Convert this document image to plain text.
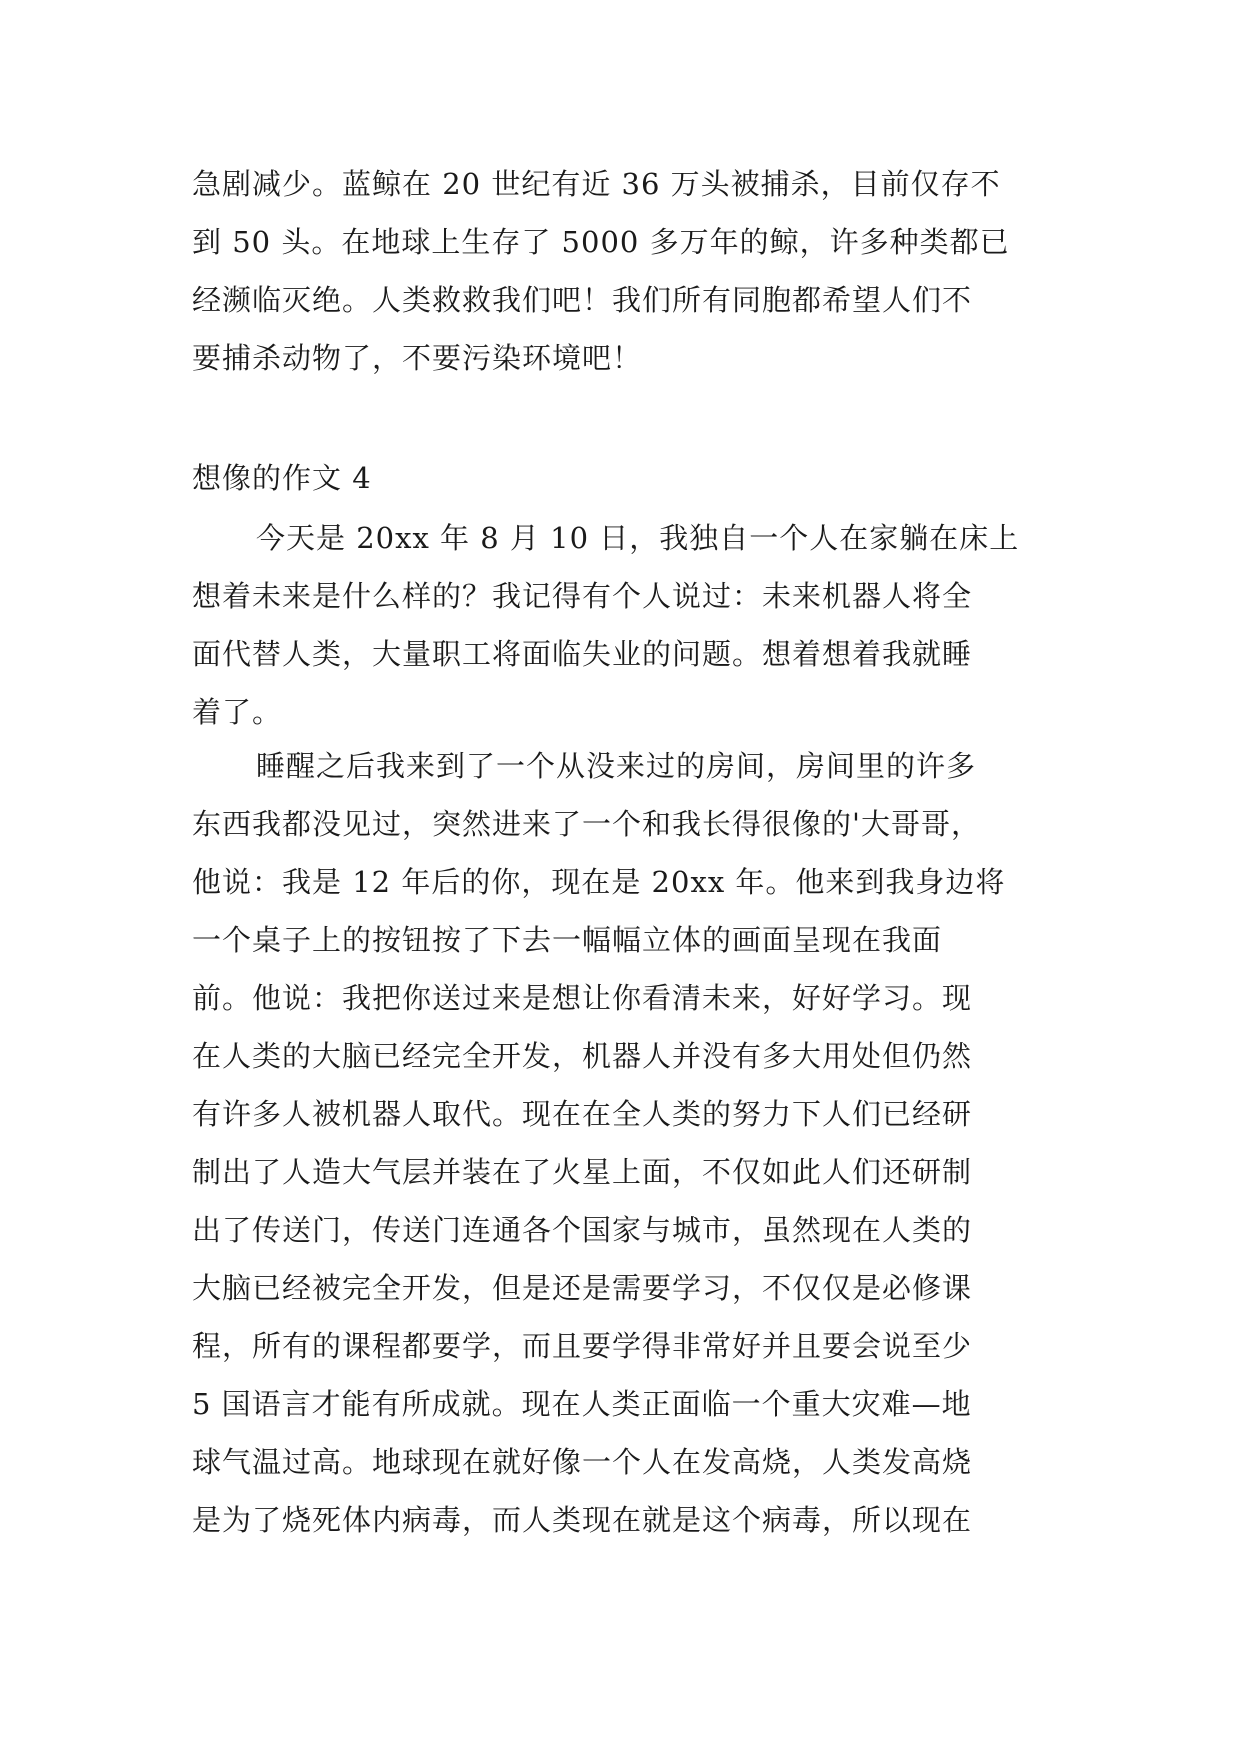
急剧减少。蓝鲸在 20 世纪有近 36 万头被捕杀，目前仅存不
到 50 头。在地球上生存了 5000 多万年的鲸，许多种类都已
经濒临灭绝。人类救救我们吧！我们所有同胞都希望人们不
要捕杀动物了，不要污染环境吧！
想像的作文 4
今天是 20xx 年 8 月 10 日，我独自一个人在家躺在床上
想着未来是什么样的？我记得有个人说过：未来机器人将全
面代替人类，大量职工将面临失业的问题。想着想着我就睡
着了。
睡醒之后我来到了一个从没来过的房间，房间里的许多
东西我都没见过，突然进来了一个和我长得很像的'大哥哥，
他说：我是 12 年后的你，现在是 20xx 年。他来到我身边将
一个桌子上的按钮按了下去一幅幅立体的画面呈现在我面
前。他说：我把你送过来是想让你看清未来，好好学习。现
在人类的大脑已经完全开发，机器人并没有多大用处但仍然
有许多人被机器人取代。现在在全人类的努力下人们已经研
制出了人造大气层并装在了火星上面，不仅如此人们还研制
出了传送门，传送门连通各个国家与城市，虽然现在人类的
大脑已经被完全开发，但是还是需要学习，不仅仅是必修课
程，所有的课程都要学，而且要学得非常好并且要会说至少
5 国语言才能有所成就。现在人类正面临一个重大灾难—地
球气温过高。地球现在就好像一个人在发高烧，人类发高烧
是为了烧死体内病毒，而人类现在就是这个病毒，所以现在
